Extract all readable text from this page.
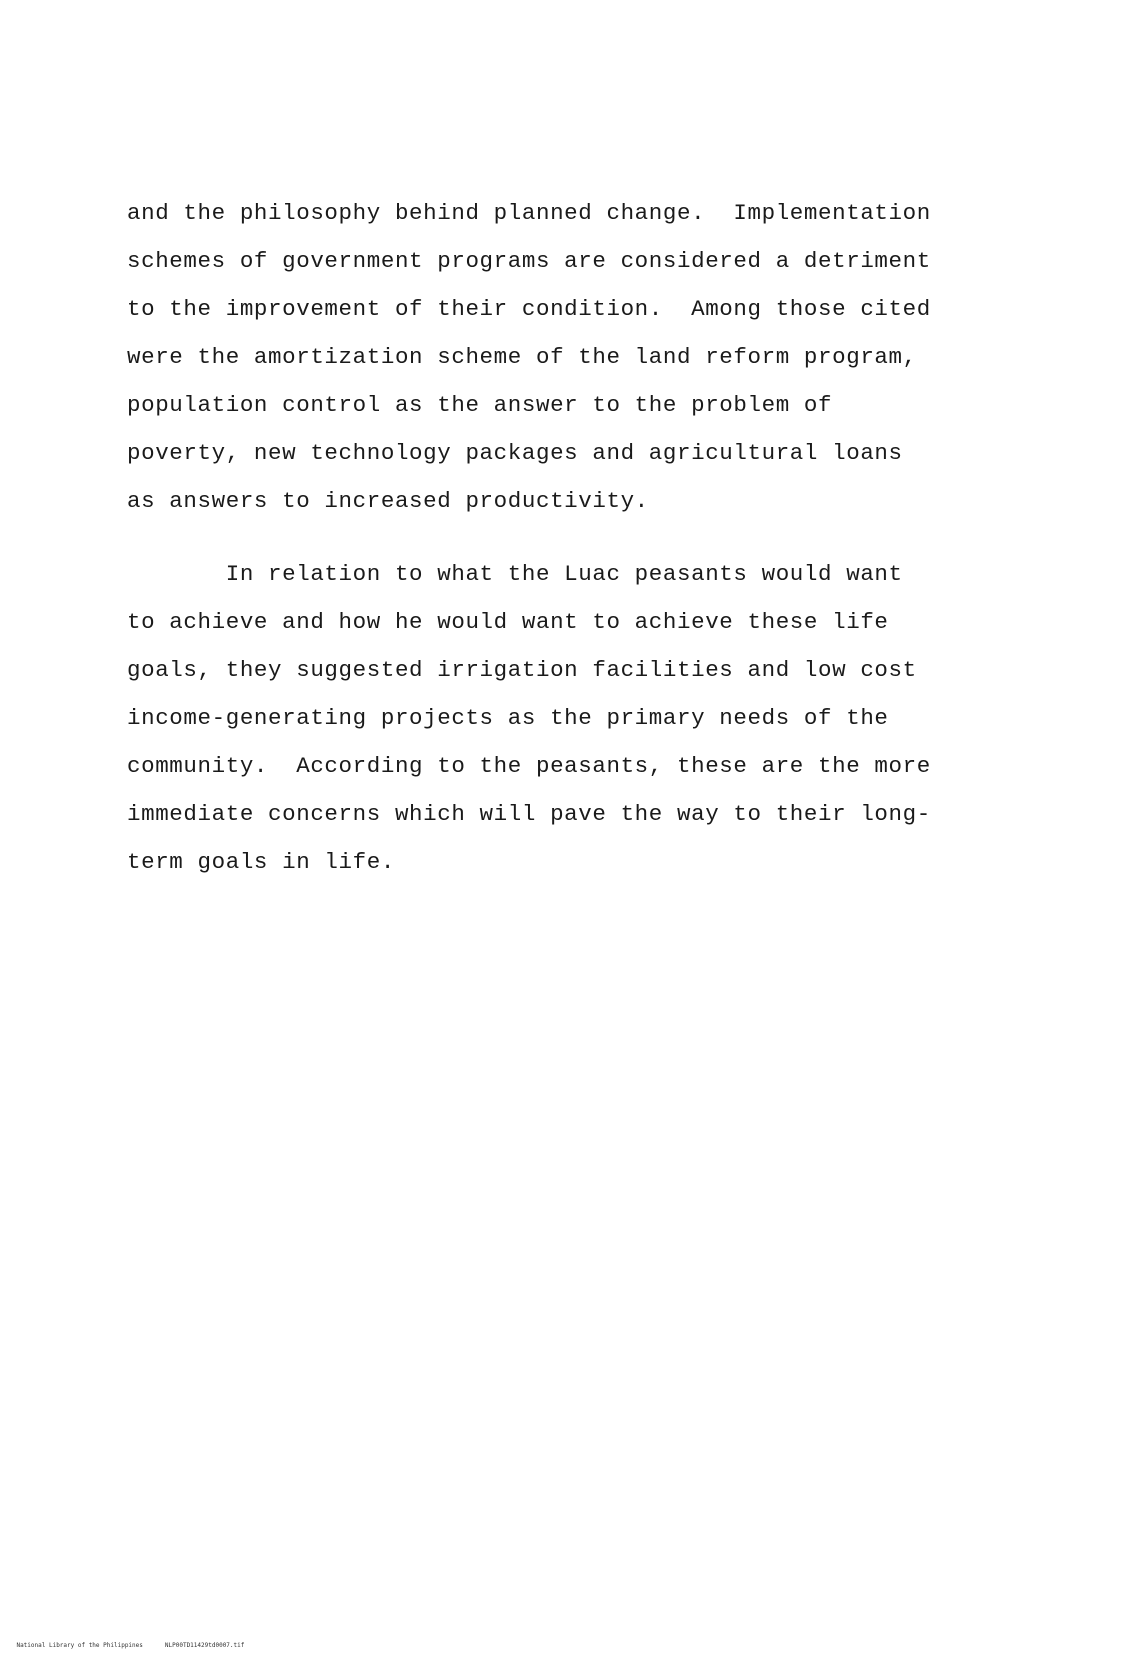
and the philosophy behind planned change.  Implementation
schemes of government programs are considered a detriment
to the improvement of their condition.  Among those cited
were the amortization scheme of the land reform program,
population control as the answer to the problem of
poverty, new technology packages and agricultural loans
as answers to increased productivity.
In relation to what the Luac peasants would want
to achieve and how he would want to achieve these life
goals, they suggested irrigation facilities and low cost
income-generating projects as the primary needs of the
community.  According to the peasants, these are the more
immediate concerns which will pave the way to their long-
term goals in life.

National Library of the Philippines	NLP00TD11429td0007.tif
